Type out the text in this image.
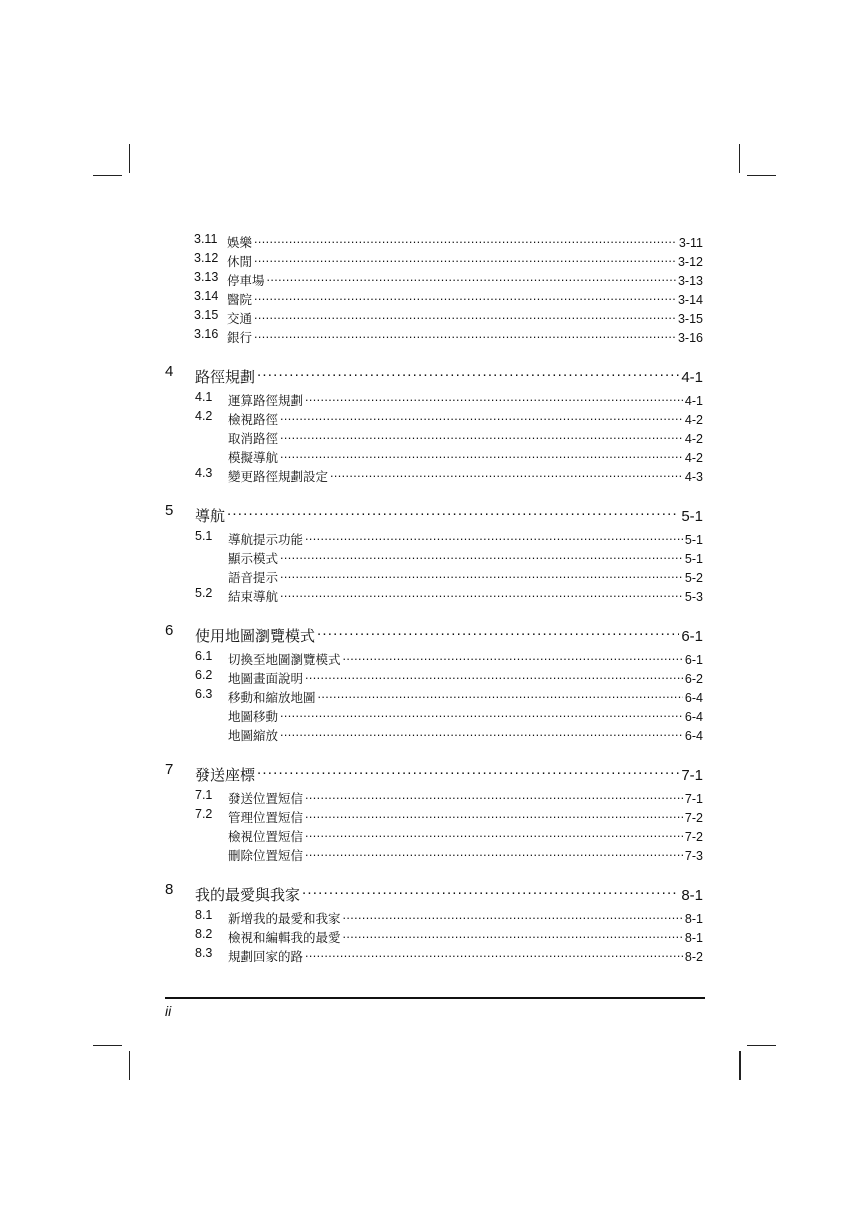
3.11 娛樂 .....	3-11
3.12 休閒 .....	3-12
3.13 停車場 .....	3-13
3.14 醫院 .....	3-14
3.15 交通 .....	3-15
3.16 銀行 .....	3-16
4 路徑規劃 .....	4-1
4.1 運算路徑規劃 .....	4-1
4.2 檢視路徑 .....	4-2
取消路徑 .....	4-2
模擬導航 .....	4-2
4.3 變更路徑規劃設定 .....	4-3
5 導航 .....	5-1
5.1 導航提示功能 .....	5-1
顯示模式 .....	5-1
語音提示 .....	5-2
5.2 結束導航 .....	5-3
6 使用地圖瀏覽模式 .....	6-1
6.1 切換至地圖瀏覽模式 .....	6-1
6.2 地圖畫面說明 .....	6-2
6.3 移動和縮放地圖 .....	6-4
地圖移動 .....	6-4
地圖縮放 .....	6-4
7 發送座標 .....	7-1
7.1 發送位置短信 .....	7-1
7.2 管理位置短信 .....	7-2
檢視位置短信 .....	7-2
刪除位置短信 .....	7-3
8 我的最愛與我家 .....	8-1
8.1 新增我的最愛和我家 .....	8-1
8.2 檢視和編輯我的最愛 .....	8-1
8.3 規劃回家的路 .....	8-2
ii
